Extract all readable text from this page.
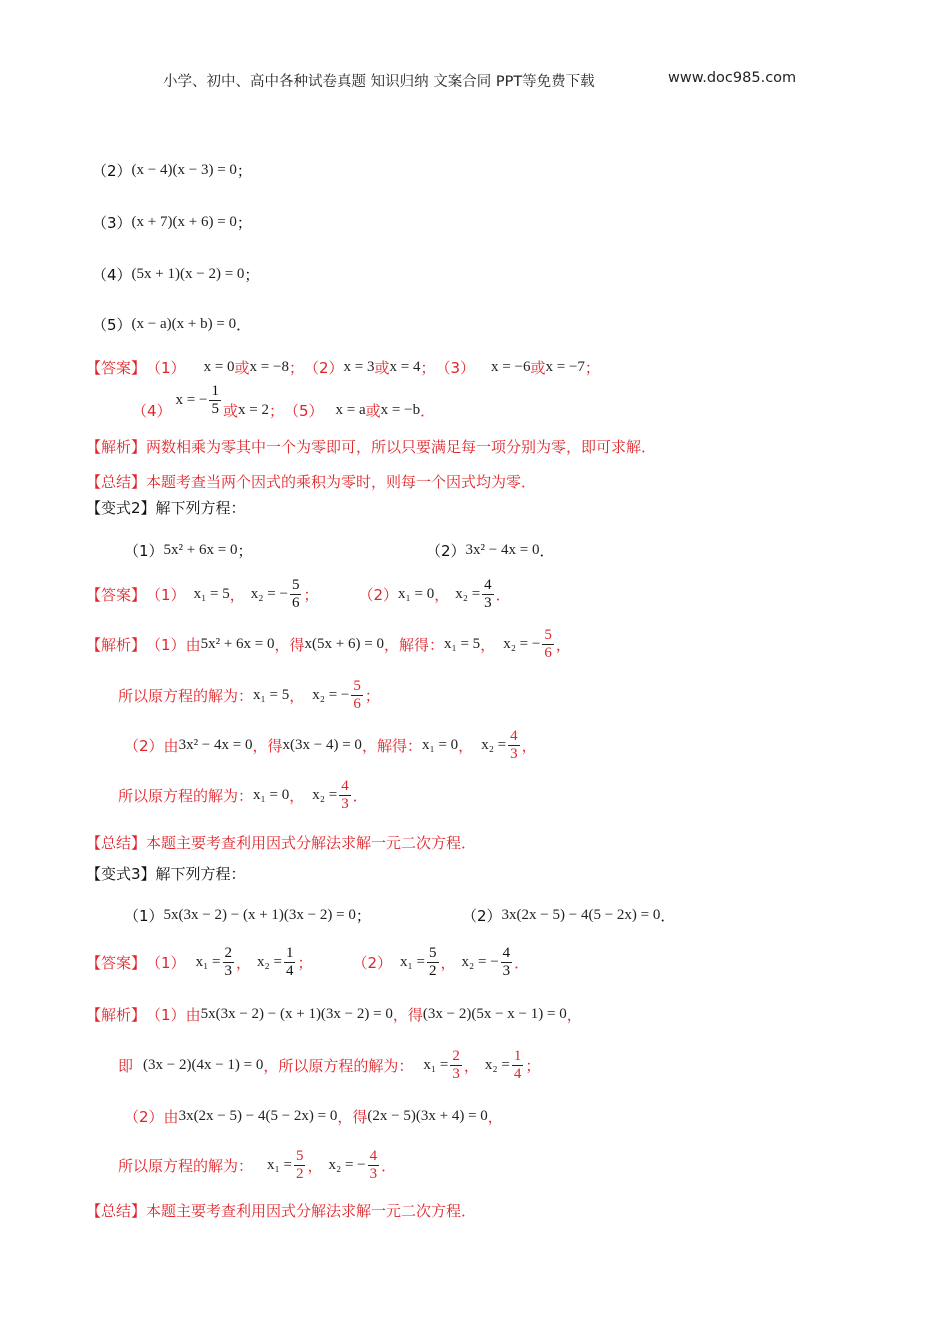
小学、初中、高中各种试卷真题 知识归纳 文案合同 PPT等免费下载	www.doc985.com
（2） (x − 4)(x − 3) = 0 ；
（3） (x + 7)(x + 6) = 0 ；
（4） (5x + 1)(x − 2) = 0 ；
（5） (x − a)(x + b) = 0 ．
【答案】 （1） x = 0 或 x = −8 ； （2） x = 3 或 x = 4 ； （3） x = −6 或 x = −7 ；
（4）
x = − $\frac{1}{5}$ 或 x = 2 ； （5） x = a 或 x = −b ．
【解析】两数相乘为零其中一个为零即可，所以只要满足每一项分别为零，即可求解．
【总结】本题考查当两个因式的乘积为零时，则每一个因式均为零．
【变式2】解下列方程：
（1） 5x² + 6x = 0 ；	（2） 3x² − 4x = 0 ．
【答案】 （1） x₁ = 5 ， x₂ = − $\frac{5}{6}$ ；	（2） x₁ = 0 ， $x_2 = \frac{4}{3}$ ．
【解析】 （1） 由 5x² + 6x = 0 ， 得 x(5x + 6) = 0 ， 解得： x₁ = 5 ， x₂ = − $\frac{5}{6}$ ，
所以原方程的解为： x₁ = 5 ， x₂ = − $\frac{5}{6}$ ；
（2） 由 3x² − 4x = 0 ， 得 x(3x − 4) = 0 ， 解得： x₁ = 0 ， $x_2 = \frac{4}{3}$ ，
所以原方程的解为： x₁ = 0 ， $x_2 = \frac{4}{3}$ ．
【总结】本题主要考查利用因式分解法求解一元二次方程．
【变式3】解下列方程：
（1） 5x(3x − 2) − (x + 1)(3x − 2) = 0 ；	（2） 3x(2x − 5) − 4(5 − 2x) = 0 ．
【答案】 （1） $x_1 = \frac{2}{3}$ ， $x_2 = \frac{1}{4}$ ；	（2） $x_1 = \frac{5}{2}$ ， x₂ = − $\frac{4}{3}$ ．
【解析】 （1） 由 5x(3x − 2) − (x + 1)(3x − 2) = 0 ， 得 (3x − 2)(5x − x − 1) = 0 ，
即 (3x − 2)(4x − 1) = 0 ， 所以原方程的解为： $x_1 = \frac{2}{3}$ ， $x_2 = \frac{1}{4}$ ；
（2） 由 3x(2x − 5) − 4(5 − 2x) = 0 ， 得 (2x − 5)(3x + 4) = 0 ，
所以原方程的解为： $x_1 = \frac{5}{2}$ ， x₂ = − $\frac{4}{3}$ ．
【总结】本题主要考查利用因式分解法求解一元二次方程．
